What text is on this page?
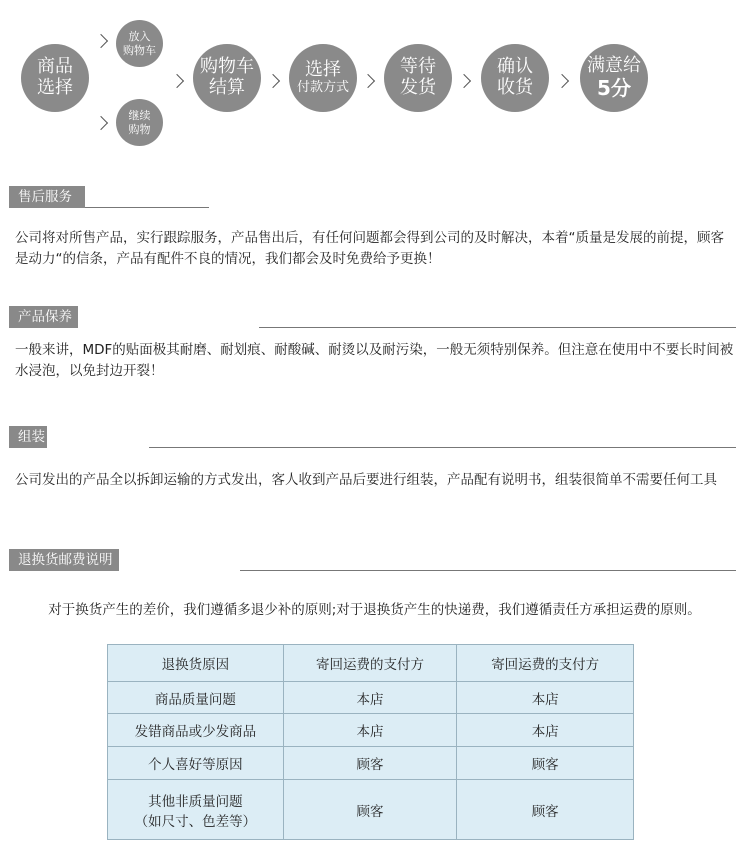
商品
选择
放入
购物车
继续
购物
购物车
结算
选择
付款方式
等待
发货
确认
收货
满意给
5分
售后服务
公司将对所售产品，实行跟踪服务，产品售出后，有任何问题都会得到公司的及时解决，本着“质量是发展的前提，顾客是动力“的信条，产品有配件不良的情况，我们都会及时免费给予更换！
产品保养
一般来讲，MDF的贴面极其耐磨、耐划痕、耐酸碱、耐烫以及耐污染，一般无须特别保养。但注意在使用中不要长时间被水浸泡，以免封边开裂！
组装
公司发出的产品全以拆卸运输的方式发出，客人收到产品后要进行组装，产品配有说明书，组装很简单不需要任何工具
退换货邮费说明
对于换货产生的差价，我们遵循多退少补的原则;对于退换货产生的快递费，我们遵循责任方承担运费的原则。
退换货原因	寄回运费的支付方	寄回运费的支付方
商品质量问题	本店	本店
发错商品或少发商品	本店	本店
个人喜好等原因	顾客	顾客

其他非质量问题
（如尺寸、色差等）	顾客	顾客
